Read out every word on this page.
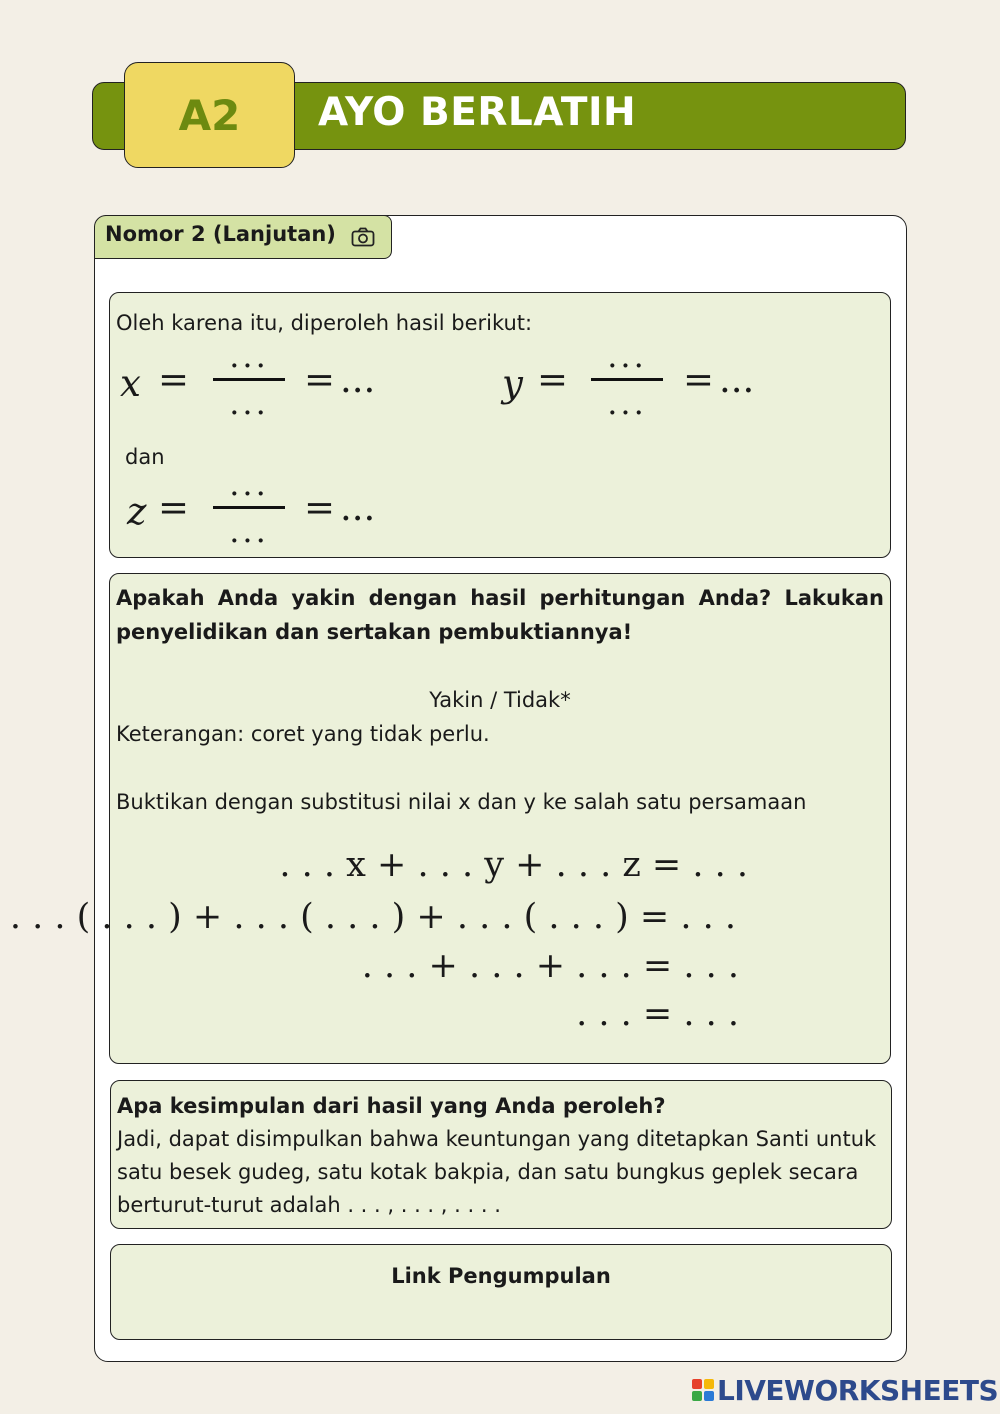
AYO BERLATIH
A2
Nomor 2 (Lanjutan)
Oleh karena itu, diperoleh hasil berikut:
x =
...
...
= ...	y =
...
...
= ...
dan
z =
...
...
= ...
Apakah Anda yakin dengan hasil perhitungan Anda? Lakukan penyelidikan dan sertakan pembuktiannya!
Yakin / Tidak*
Keterangan: coret yang tidak perlu.
Buktikan dengan substitusi nilai x dan y ke salah satu persamaan
. . . x + . . . y + . . . z = . . .
. . . ( . . . ) + . . . ( . . . ) + . . . ( . . . ) = . . .
. . . + . . . + . . . = . . .
. . . = . . .
Apa kesimpulan dari hasil yang Anda peroleh?
Jadi, dapat disimpulkan bahwa keuntungan yang ditetapkan Santi untuk satu besek gudeg, satu kotak bakpia, dan satu bungkus geplek secara berturut-turut adalah . . . , . . . , . . . .
Link Pengumpulan
LIVEWORKSHEETS
